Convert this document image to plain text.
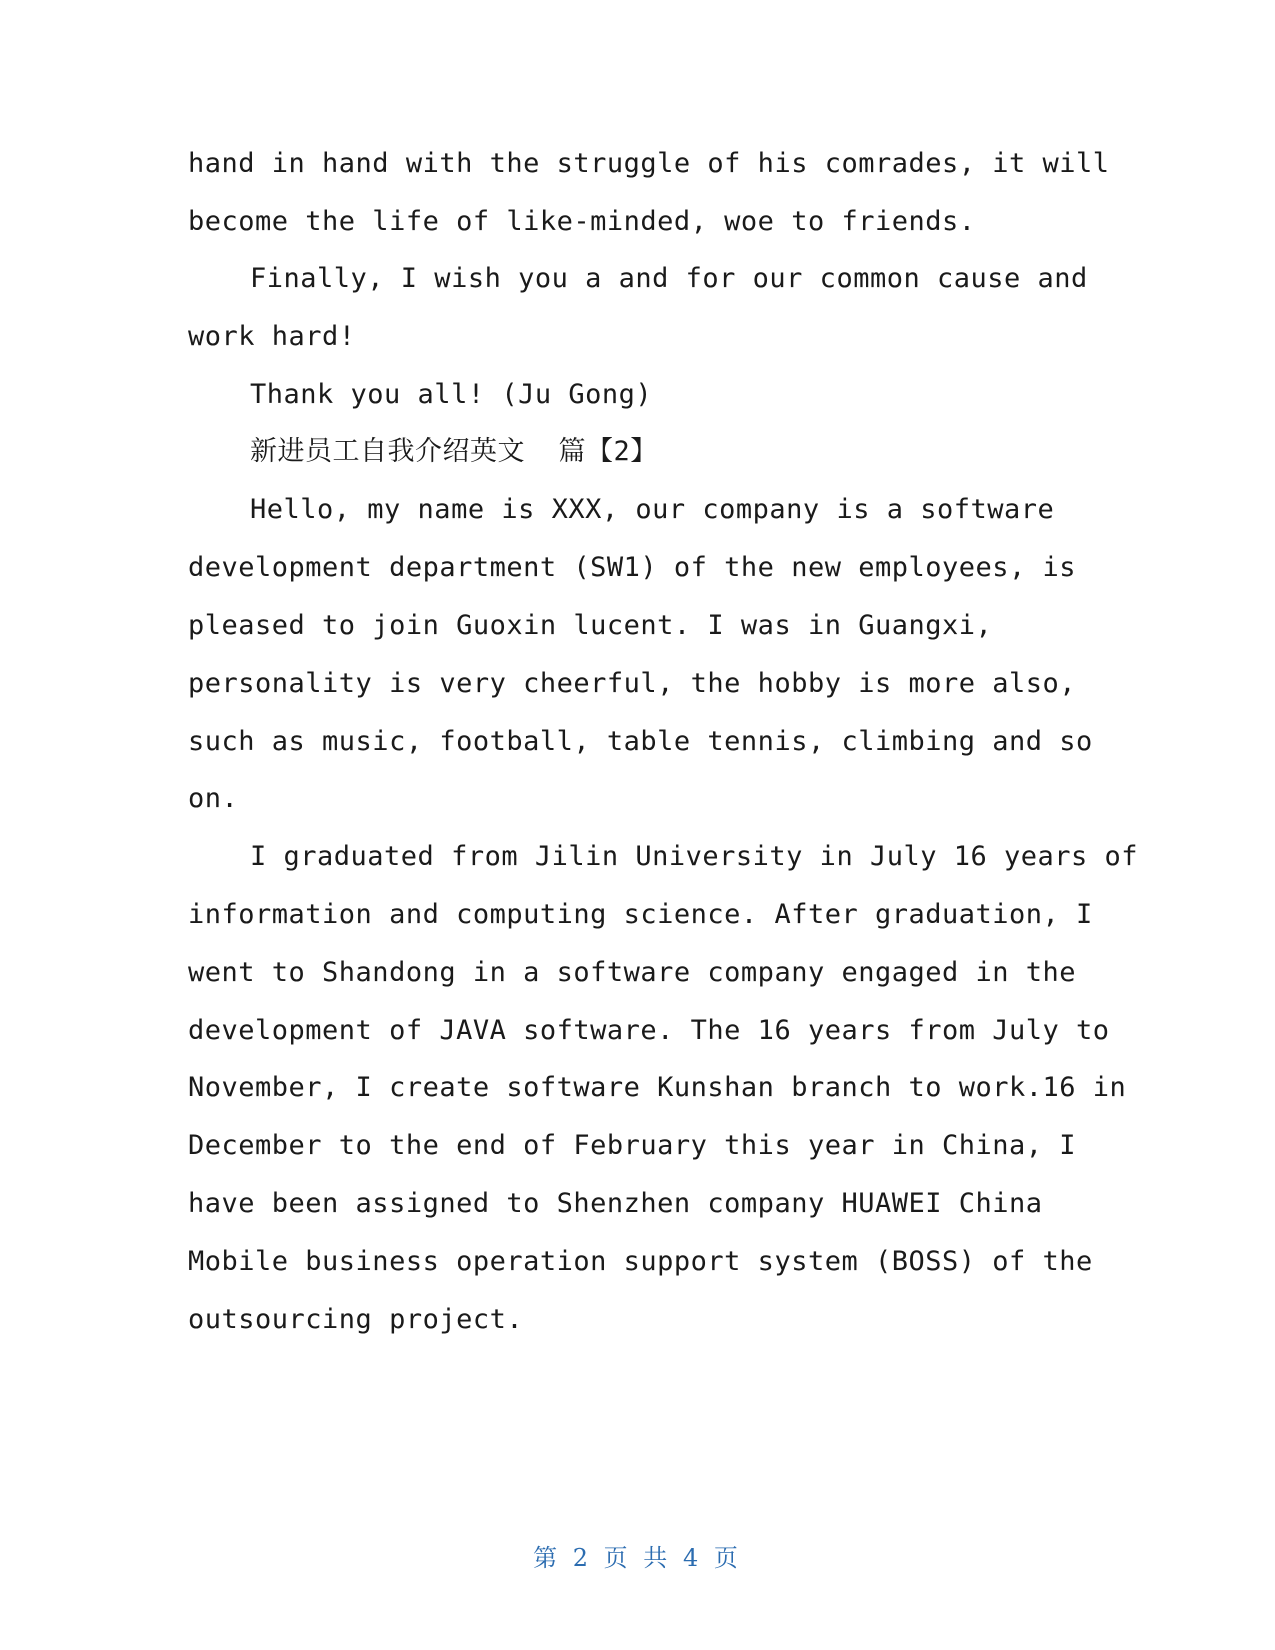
hand in hand with the struggle of his comrades, it will
become the life of like-minded, woe to friends.
Finally, I wish you a and for our common cause and
work hard!
Thank you all! (Ju Gong)
新进员工自我介绍英文  篇【2】
Hello, my name is XXX, our company is a software
development department (SW1) of the new employees, is
pleased to join Guoxin lucent. I was in Guangxi,
personality is very cheerful, the hobby is more also,
such as music, football, table tennis, climbing and so
on.
I graduated from Jilin University in July 16 years of
information and computing science. After graduation, I
went to Shandong in a software company engaged in the
development of JAVA software. The 16 years from July to
November, I create software Kunshan branch to work.16 in
December to the end of February this year in China, I
have been assigned to Shenzhen company HUAWEI China
Mobile business operation support system (BOSS) of the
outsourcing project.
第 2 页 共 4 页
